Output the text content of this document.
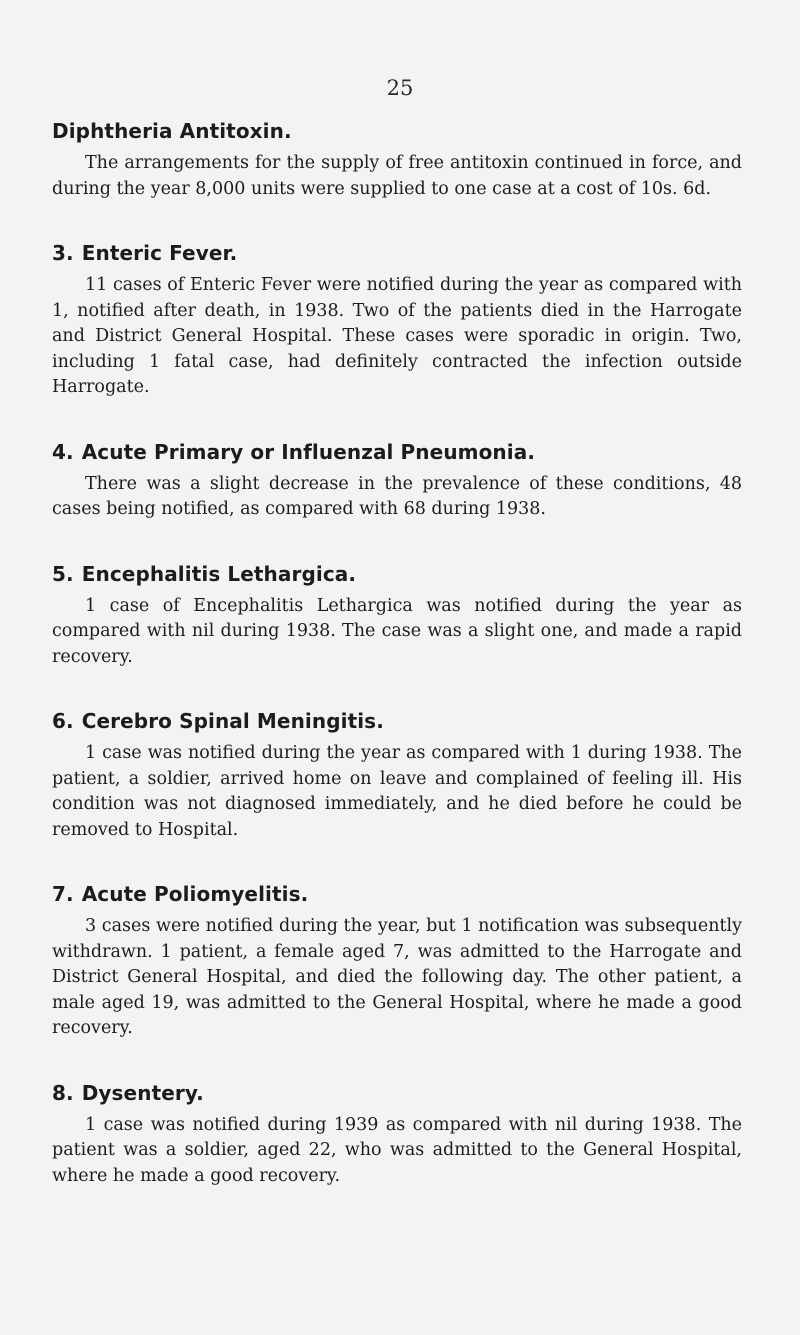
25
Diphtheria Antitoxin.

The arrangements for the supply of free antitoxin continued in force, and during the year 8,000 units were supplied to one case at a cost of 10s. 6d.

3. Enteric Fever.

11 cases of Enteric Fever were notified during the year as compared with 1, notified after death, in 1938. Two of the patients died in the Harrogate and District General Hospital. These cases were sporadic in origin. Two, including 1 fatal case, had definitely contracted the infection outside Harrogate.

4. Acute Primary or Influenzal Pneumonia.

There was a slight decrease in the prevalence of these conditions, 48 cases being notified, as compared with 68 during 1938.

5. Encephalitis Lethargica.

1 case of Encephalitis Lethargica was notified during the year as compared with nil during 1938. The case was a slight one, and made a rapid recovery.

6. Cerebro Spinal Meningitis.

1 case was notified during the year as compared with 1 during 1938. The patient, a soldier, arrived home on leave and complained of feeling ill. His condition was not diagnosed immediately, and he died before he could be removed to Hospital.

7. Acute Poliomyelitis.

3 cases were notified during the year, but 1 notification was subsequently withdrawn. 1 patient, a female aged 7, was admitted to the Harrogate and District General Hospital, and died the following day. The other patient, a male aged 19, was admitted to the General Hospital, where he made a good recovery.

8. Dysentery.

1 case was notified during 1939 as compared with nil during 1938. The patient was a soldier, aged 22, who was admitted to the General Hospital, where he made a good recovery.
